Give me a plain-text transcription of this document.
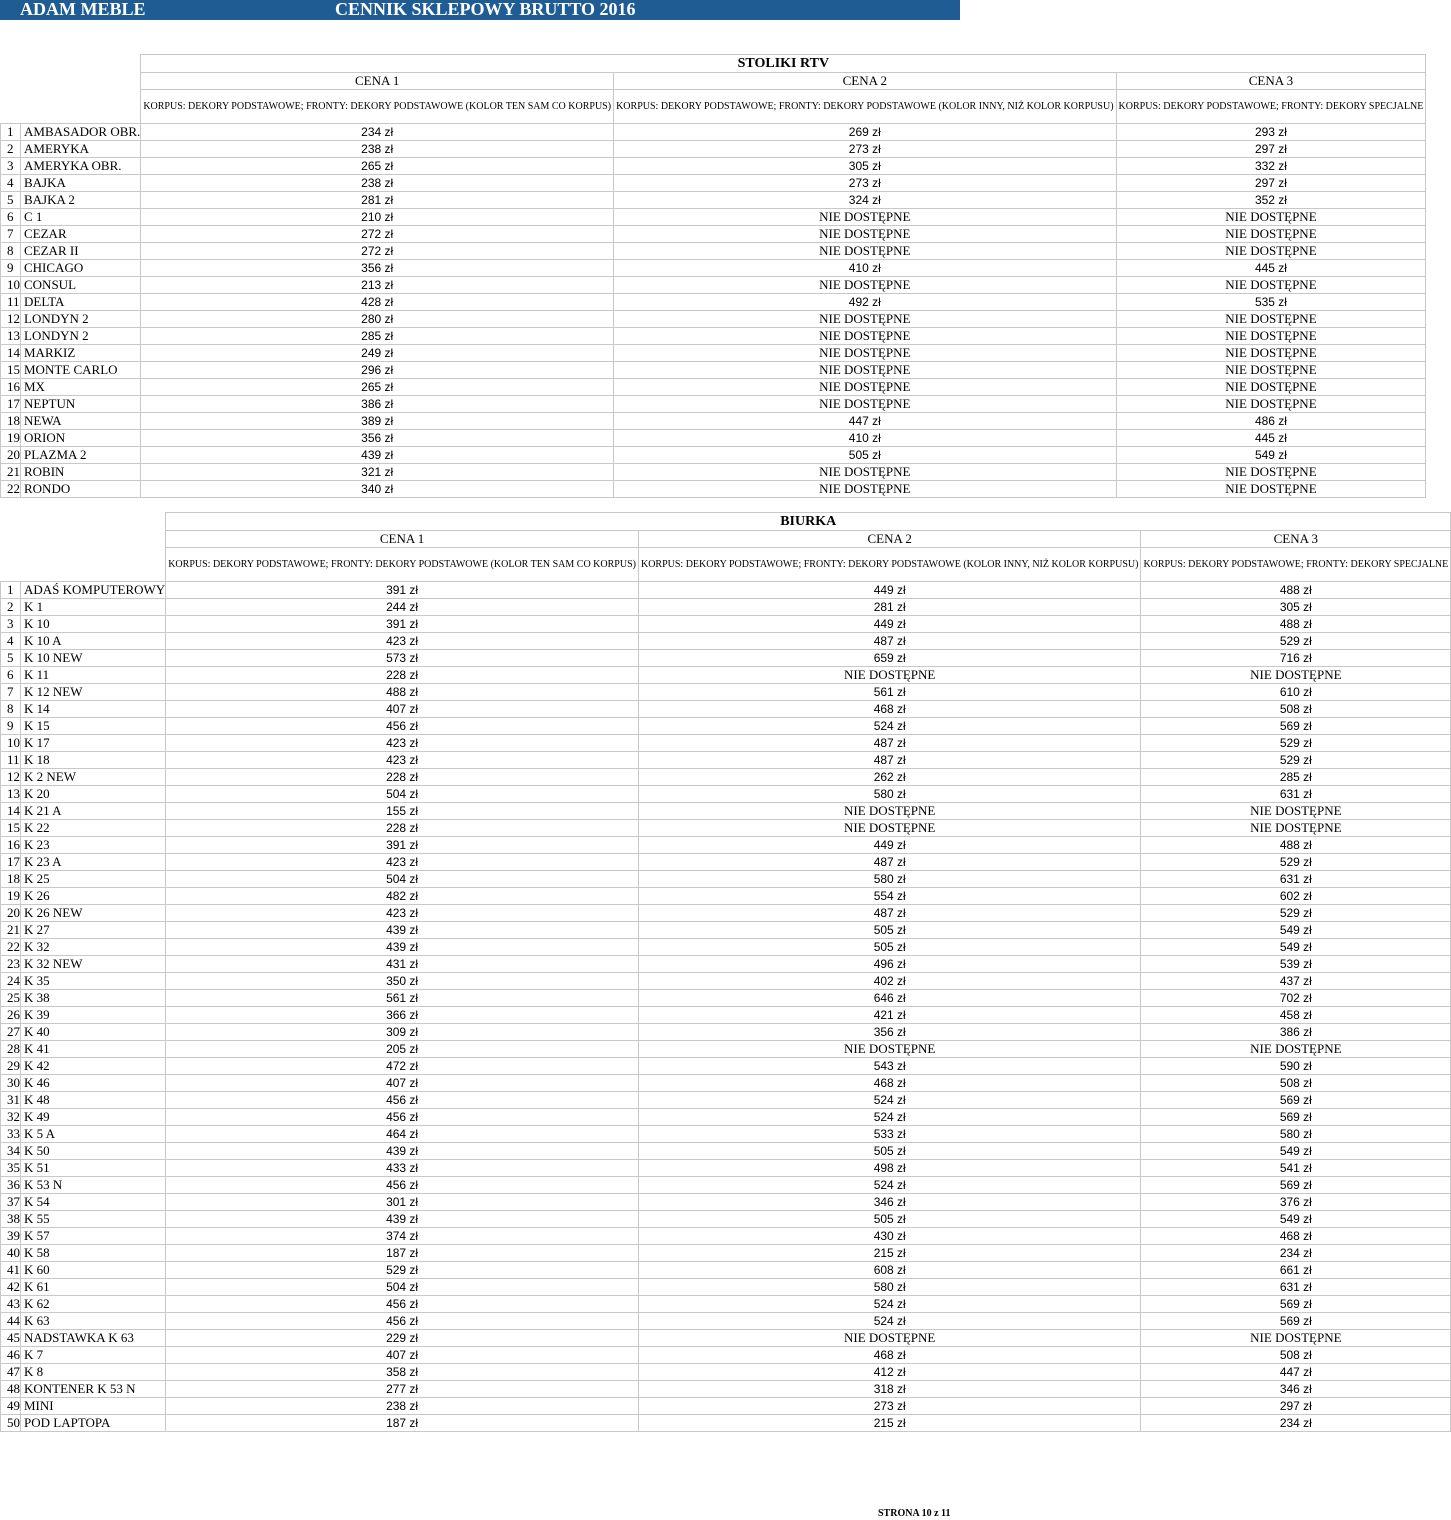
ADAM MEBLE	CENNIK SKLEPOWY BRUTTO 2016
		STOLIKI RTV		
		CENA 1	CENA 2	CENA 3
		KORPUS: DEKORY PODSTAWOWE; FRONTY: DEKORY PODSTAWOWE (KOLOR TEN SAM CO KORPUS)	KORPUS: DEKORY PODSTAWOWE; FRONTY: DEKORY PODSTAWOWE (KOLOR INNY, NIŻ KOLOR KORPUSU)	KORPUS: DEKORY PODSTAWOWE; FRONTY: DEKORY SPECJALNE
1	AMBASADOR OBR.	234 zł	269 zł	293 zł
2	AMERYKA	238 zł	273 zł	297 zł
3	AMERYKA OBR.	265 zł	305 zł	332 zł
4	BAJKA	238 zł	273 zł	297 zł
5	BAJKA 2	281 zł	324 zł	352 zł
6	C 1	210 zł	NIE DOSTĘPNE	NIE DOSTĘPNE
7	CEZAR	272 zł	NIE DOSTĘPNE	NIE DOSTĘPNE
8	CEZAR II	272 zł	NIE DOSTĘPNE	NIE DOSTĘPNE
9	CHICAGO	356 zł	410 zł	445 zł
10	CONSUL	213 zł	NIE DOSTĘPNE	NIE DOSTĘPNE
11	DELTA	428 zł	492 zł	535 zł
12	LONDYN 2	280 zł	NIE DOSTĘPNE	NIE DOSTĘPNE
13	LONDYN 2	285 zł	NIE DOSTĘPNE	NIE DOSTĘPNE
14	MARKIZ	249 zł	NIE DOSTĘPNE	NIE DOSTĘPNE
15	MONTE CARLO	296 zł	NIE DOSTĘPNE	NIE DOSTĘPNE
16	MX	265 zł	NIE DOSTĘPNE	NIE DOSTĘPNE
17	NEPTUN	386 zł	NIE DOSTĘPNE	NIE DOSTĘPNE
18	NEWA	389 zł	447 zł	486 zł
19	ORION	356 zł	410 zł	445 zł
20	PLAZMA 2	439 zł	505 zł	549 zł
21	ROBIN	321 zł	NIE DOSTĘPNE	NIE DOSTĘPNE
22	RONDO	340 zł	NIE DOSTĘPNE	NIE DOSTĘPNE
		BIURKA		
		CENA 1	CENA 2	CENA 3
		KORPUS: DEKORY PODSTAWOWE; FRONTY: DEKORY PODSTAWOWE (KOLOR TEN SAM CO KORPUS)	KORPUS: DEKORY PODSTAWOWE; FRONTY: DEKORY PODSTAWOWE (KOLOR INNY, NIŻ KOLOR KORPUSU)	KORPUS: DEKORY PODSTAWOWE; FRONTY: DEKORY SPECJALNE
1	ADAŚ KOMPUTEROWY	391 zł	449 zł	488 zł
2	K 1	244 zł	281 zł	305 zł
3	K 10	391 zł	449 zł	488 zł
4	K 10 A	423 zł	487 zł	529 zł
5	K 10 NEW	573 zł	659 zł	716 zł
6	K 11	228 zł	NIE DOSTĘPNE	NIE DOSTĘPNE
7	K 12 NEW	488 zł	561 zł	610 zł
8	K 14	407 zł	468 zł	508 zł
9	K 15	456 zł	524 zł	569 zł
10	K 17	423 zł	487 zł	529 zł
11	K 18	423 zł	487 zł	529 zł
12	K 2 NEW	228 zł	262 zł	285 zł
13	K 20	504 zł	580 zł	631 zł
14	K 21 A	155 zł	NIE DOSTĘPNE	NIE DOSTĘPNE
15	K 22	228 zł	NIE DOSTĘPNE	NIE DOSTĘPNE
16	K 23	391 zł	449 zł	488 zł
17	K 23 A	423 zł	487 zł	529 zł
18	K 25	504 zł	580 zł	631 zł
19	K 26	482 zł	554 zł	602 zł
20	K 26 NEW	423 zł	487 zł	529 zł
21	K 27	439 zł	505 zł	549 zł
22	K 32	439 zł	505 zł	549 zł
23	K 32 NEW	431 zł	496 zł	539 zł
24	K 35	350 zł	402 zł	437 zł
25	K 38	561 zł	646 zł	702 zł
26	K 39	366 zł	421 zł	458 zł
27	K 40	309 zł	356 zł	386 zł
28	K 41	205 zł	NIE DOSTĘPNE	NIE DOSTĘPNE
29	K 42	472 zł	543 zł	590 zł
30	K 46	407 zł	468 zł	508 zł
31	K 48	456 zł	524 zł	569 zł
32	K 49	456 zł	524 zł	569 zł
33	K 5 A	464 zł	533 zł	580 zł
34	K 50	439 zł	505 zł	549 zł
35	K 51	433 zł	498 zł	541 zł
36	K 53 N	456 zł	524 zł	569 zł
37	K 54	301 zł	346 zł	376 zł
38	K 55	439 zł	505 zł	549 zł
39	K 57	374 zł	430 zł	468 zł
40	K 58	187 zł	215 zł	234 zł
41	K 60	529 zł	608 zł	661 zł
42	K 61	504 zł	580 zł	631 zł
43	K 62	456 zł	524 zł	569 zł
44	K 63	456 zł	524 zł	569 zł
45	NADSTAWKA K 63	229 zł	NIE DOSTĘPNE	NIE DOSTĘPNE
46	K 7	407 zł	468 zł	508 zł
47	K 8	358 zł	412 zł	447 zł
48	KONTENER K 53 N	277 zł	318 zł	346 zł
49	MINI	238 zł	273 zł	297 zł
50	POD LAPTOPA	187 zł	215 zł	234 zł
STRONA 10 z 11
